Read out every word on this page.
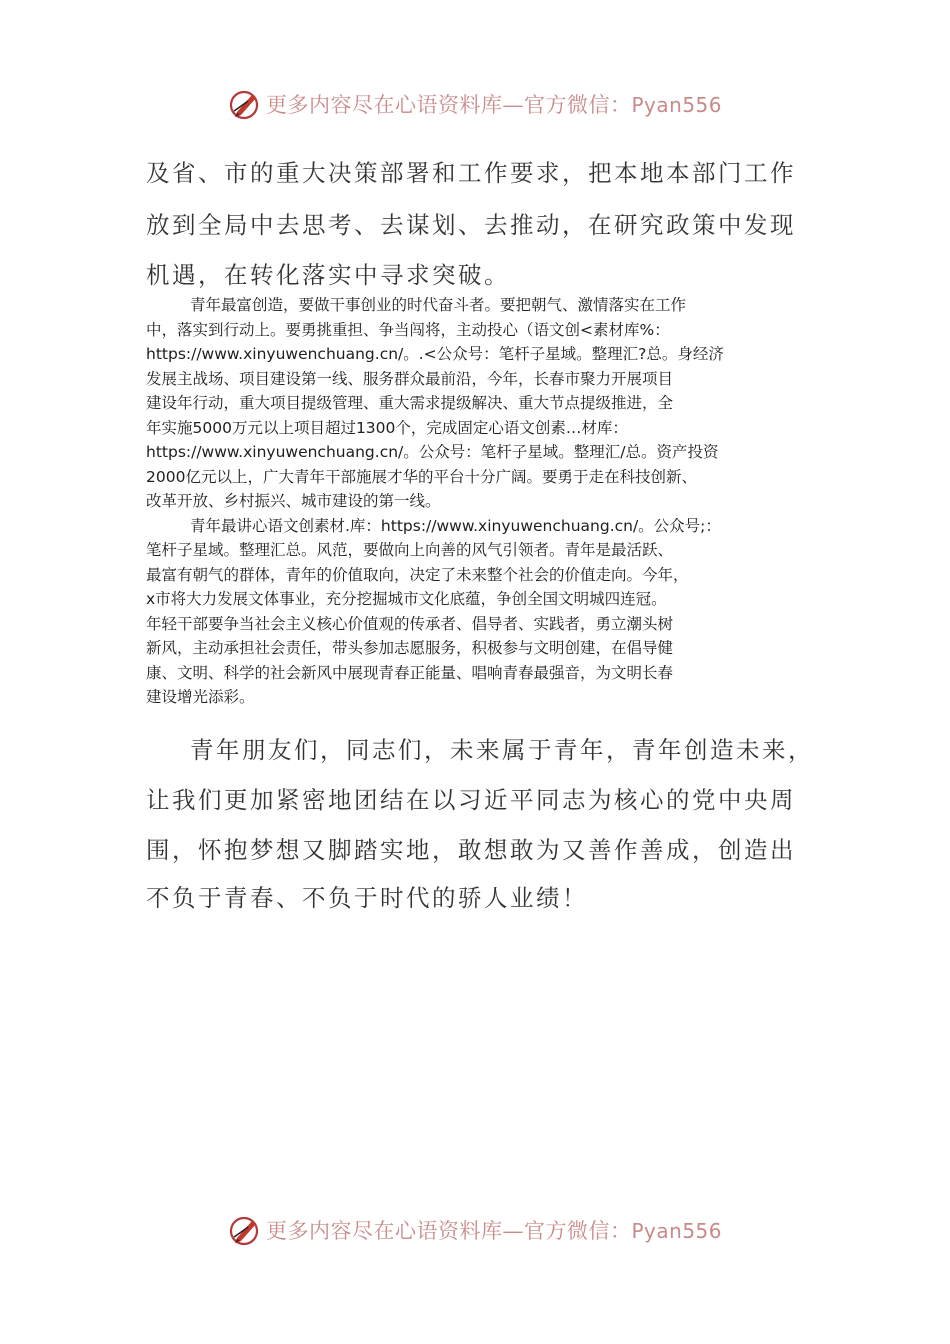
更多内容尽在心语资料库—官方微信：Pyan556
及省、市的重大决策部署和工作要求，把本地本部门工作
放到全局中去思考、去谋划、去推动，在研究政策中发现
机遇，在转化落实中寻求突破。

青年最富创造，要做干事创业的时代奋斗者。要把朝气、激情落实在工作
中，落实到行动上。要勇挑重担、争当闯将，主动投心（语文创<素材库%：
https://www.xinyuwenchuang.cn/。.<公众号：笔杆子星域。整理汇?总。身经济
发展主战场、项目建设第一线、服务群众最前沿，今年，长春市聚力开展项目
建设年行动，重大项目提级管理、重大需求提级解决、重大节点提级推进，全
年实施5000万元以上项目超过1300个，完成固定心语文创素…材库：
https://www.xinyuwenchuang.cn/。公众号：笔杆子星域。整理汇/总。资产投资
2000亿元以上，广大青年干部施展才华的平台十分广阔。要勇于走在科技创新、
改革开放、乡村振兴、城市建设的第一线。

青年最讲心语文创素材.库：https://www.xinyuwenchuang.cn/。公众号;：
笔杆子星域。整理汇总。风范，要做向上向善的风气引领者。青年是最活跃、
最富有朝气的群体，青年的价值取向，决定了未来整个社会的价值走向。今年，
x市将大力发展文体事业，充分挖掘城市文化底蕴，争创全国文明城四连冠。
年轻干部要争当社会主义核心价值观的传承者、倡导者、实践者，勇立潮头树
新风，主动承担社会责任，带头参加志愿服务，积极参与文明创建，在倡导健
康、文明、科学的社会新风中展现青春正能量、唱响青春最强音，为文明长春
建设增光添彩。

青年朋友们，同志们，未来属于青年，青年创造未来，
让我们更加紧密地团结在以习近平同志为核心的党中央周
围，怀抱梦想又脚踏实地，敢想敢为又善作善成，创造出
不负于青春、不负于时代的骄人业绩！
更多内容尽在心语资料库—官方微信：Pyan556
